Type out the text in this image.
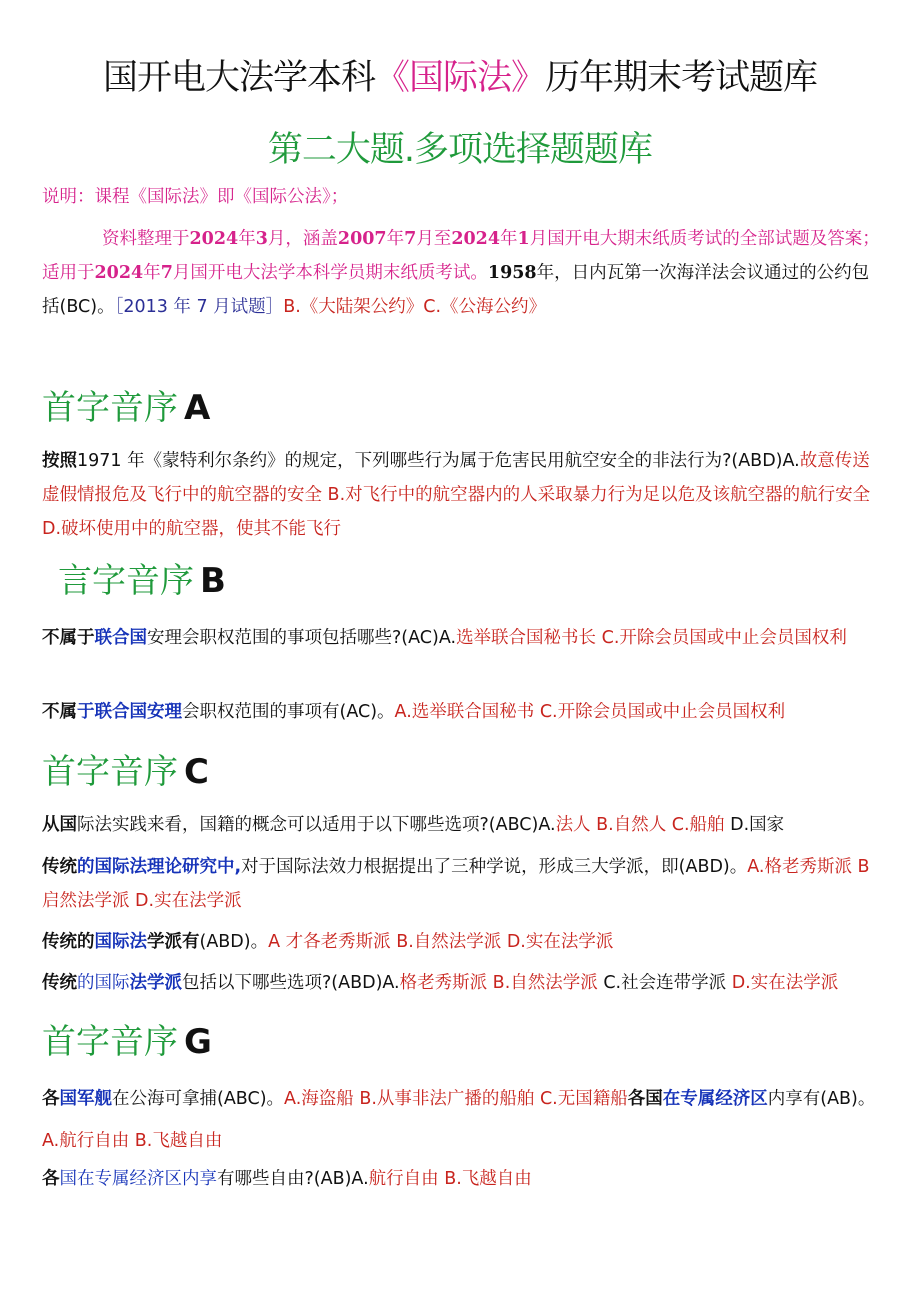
国开电大法学本科《国际法》历年期末考试题库
第二大题.多项选择题题库
说明：课程《国际法》即《国际公法》；
资料整理于2024年3月，涵盖2007年7月至2024年1月国开电大期末纸质考试的全部试题及答案；适用于2024年7月国开电大法学本科学员期末纸质考试。1958年，日内瓦第一次海洋法会议通过的公约包括(BC)。［2013 年 7 月试题］B.《大陆架公约》C.《公海公约》
首字音序 A
按照1971 年《蒙特利尔条约》的规定，下列哪些行为属于危害民用航空安全的非法行为?(ABD)A.故意传送虚假情报危及飞行中的航空器的安全 B.对飞行中的航空器内的人采取暴力行为足以危及该航空器的航行安全 D.破坏使用中的航空器，使其不能飞行
言字音序 B
不属于联合国安理会职权范围的事项包括哪些?(AC)A.选举联合国秘书长 C.开除会员国或中止会员国权利
不属于联合国安理会职权范围的事项有(AC)。A.选举联合国秘书 C.开除会员国或中止会员国权利
首字音序 C
从国际法实践来看，国籍的概念可以适用于以下哪些选项?(ABC)A.法人 B.自然人 C.船舶 D.国家
传统的国际法理论研究中,对于国际法效力根据提出了三种学说，形成三大学派，即(ABD)。A.格老秀斯派 B 启然法学派 D.实在法学派
传统的国际法学派有(ABD)。A 才各老秀斯派 B.自然法学派 D.实在法学派
传统的国际法学派包括以下哪些选项?(ABD)A.格老秀斯派 B.自然法学派 C.社会连带学派 D.实在法学派
首字音序 G
各国军舰在公海可拿捕(ABC)。A.海盗船 B.从事非法广播的船舶 C.无国籍船各国在专属经济区内享有(AB)。A.航行自由 B.飞越自由
各国在专属经济区内享有哪些自由?(AB)A.航行自由 B.飞越自由
